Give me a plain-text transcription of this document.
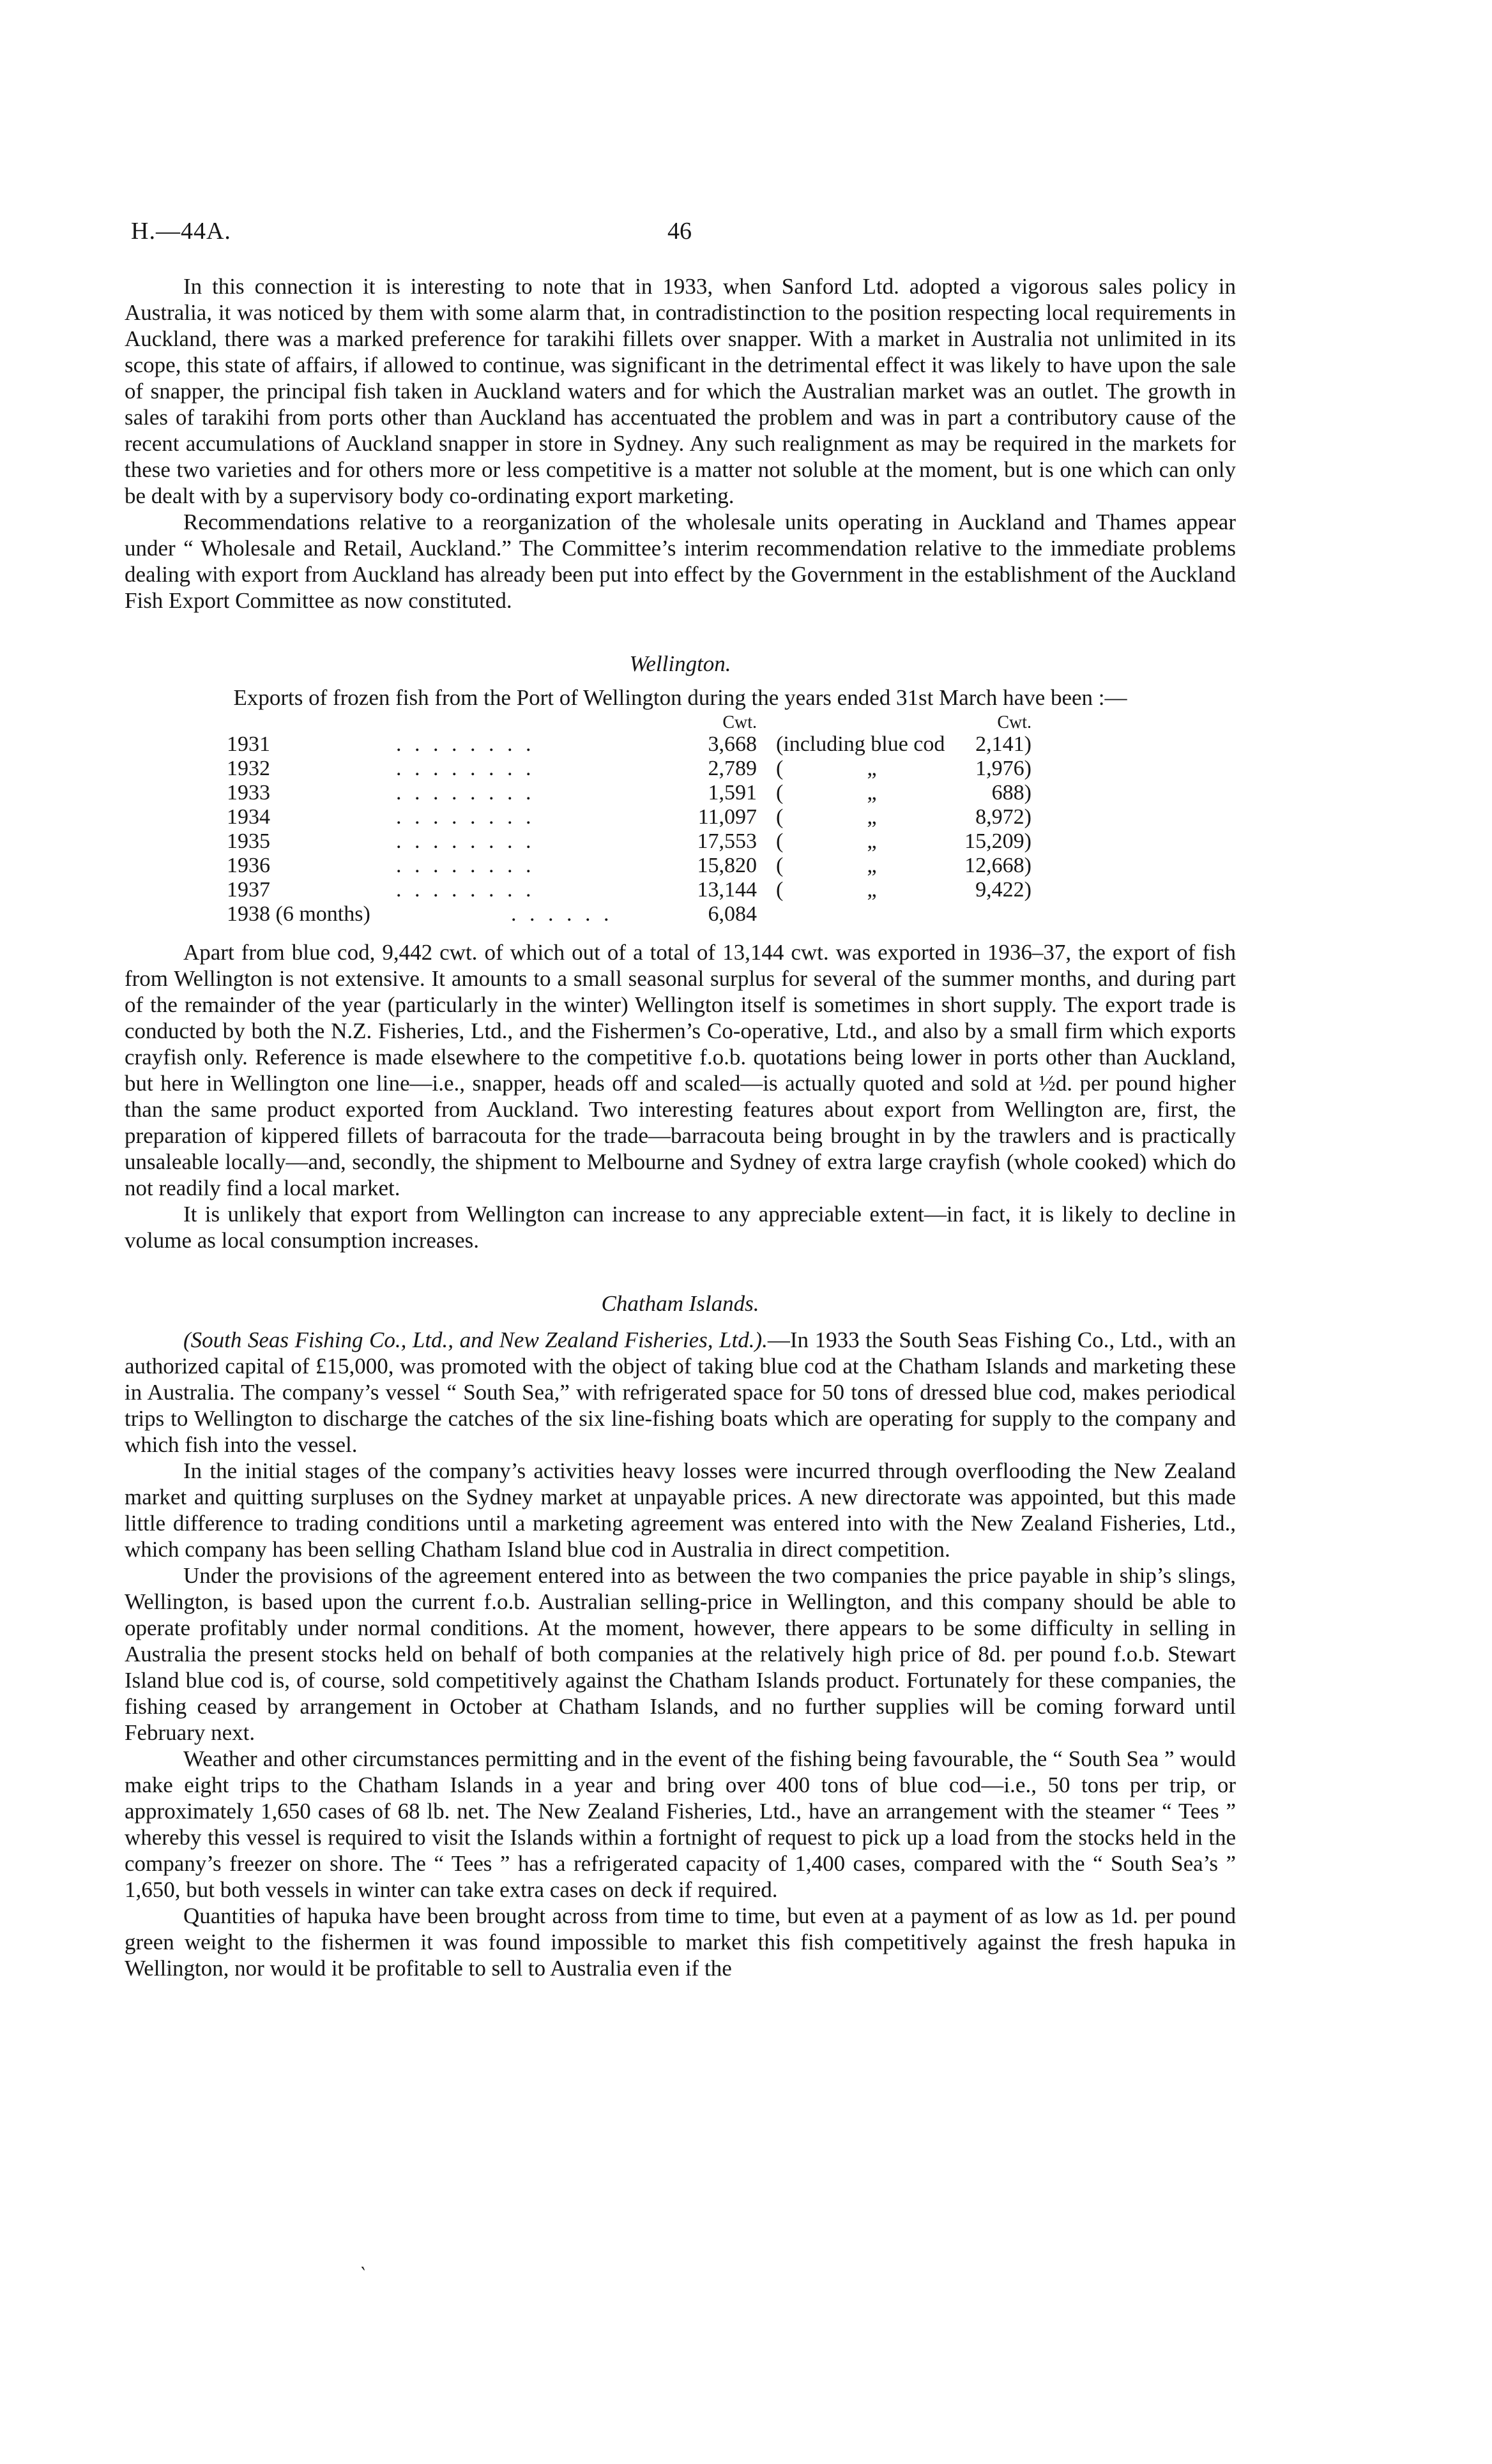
H.—44A.	46

In this connection it is interesting to note that in 1933, when Sanford Ltd. adopted a vigorous sales policy in Australia, it was noticed by them with some alarm that, in contradistinction to the position respecting local requirements in Auckland, there was a marked preference for tarakihi fillets over snapper. With a market in Australia not unlimited in its scope, this state of affairs, if allowed to continue, was significant in the detrimental effect it was likely to have upon the sale of snapper, the principal fish taken in Auckland waters and for which the Australian market was an outlet. The growth in sales of tarakihi from ports other than Auckland has accentuated the problem and was in part a contributory cause of the recent accumulations of Auckland snapper in store in Sydney. Any such realignment as may be required in the markets for these two varieties and for others more or less competitive is a matter not soluble at the moment, but is one which can only be dealt with by a supervisory body co-ordinating export marketing.

Recommendations relative to a reorganization of the wholesale units operating in Auckland and Thames appear under “ Wholesale and Retail, Auckland.” The Committee’s interim recommendation relative to the immediate problems dealing with export from Auckland has already been put into effect by the Government in the establishment of the Auckland Fish Export Committee as now constituted.

Wellington.

Exports of frozen fish from the Port of Wellington during the years ended 31st March have been :—

		Cwt.			Cwt.
1931	. . . . . . . .	3,668	(including blue cod		2,141)
1932	. . . . . . . .	2,789	(	„	1,976)
1933	. . . . . . . .	1,591	(	„	688)
1934	. . . . . . . .	11,097	(	„	8,972)
1935	. . . . . . . .	17,553	(	„	15,209)
1936	. . . . . . . .	15,820	(	„	12,668)
1937	. . . . . . . .	13,144	(	„	9,422)
1938 (6 months)	. . . . . .	6,084			

Apart from blue cod, 9,442 cwt. of which out of a total of 13,144 cwt. was exported in 1936–37, the export of fish from Wellington is not extensive. It amounts to a small seasonal surplus for several of the summer months, and during part of the remainder of the year (particularly in the winter) Wellington itself is sometimes in short supply. The export trade is conducted by both the N.Z. Fisheries, Ltd., and the Fishermen’s Co-operative, Ltd., and also by a small firm which exports crayfish only. Reference is made elsewhere to the competitive f.o.b. quotations being lower in ports other than Auckland, but here in Wellington one line—i.e., snapper, heads off and scaled—is actually quoted and sold at ½d. per pound higher than the same product exported from Auckland. Two interesting features about export from Wellington are, first, the preparation of kippered fillets of barracouta for the trade—barracouta being brought in by the trawlers and is practically unsaleable locally—and, secondly, the shipment to Melbourne and Sydney of extra large crayfish (whole cooked) which do not readily find a local market.

It is unlikely that export from Wellington can increase to any appreciable extent—in fact, it is likely to decline in volume as local consumption increases.

Chatham Islands.

(South Seas Fishing Co., Ltd., and New Zealand Fisheries, Ltd.).—In 1933 the South Seas Fishing Co., Ltd., with an authorized capital of £15,000, was promoted with the object of taking blue cod at the Chatham Islands and marketing these in Australia. The company’s vessel “ South Sea,” with refrigerated space for 50 tons of dressed blue cod, makes periodical trips to Wellington to discharge the catches of the six line-fishing boats which are operating for supply to the company and which fish into the vessel.

In the initial stages of the company’s activities heavy losses were incurred through overflooding the New Zealand market and quitting surpluses on the Sydney market at unpayable prices. A new directorate was appointed, but this made little difference to trading conditions until a marketing agreement was entered into with the New Zealand Fisheries, Ltd., which company has been selling Chatham Island blue cod in Australia in direct competition.

Under the provisions of the agreement entered into as between the two companies the price payable in ship’s slings, Wellington, is based upon the current f.o.b. Australian selling-price in Wellington, and this company should be able to operate profitably under normal conditions. At the moment, however, there appears to be some difficulty in selling in Australia the present stocks held on behalf of both companies at the relatively high price of 8d. per pound f.o.b. Stewart Island blue cod is, of course, sold competitively against the Chatham Islands product. Fortunately for these companies, the fishing ceased by arrangement in October at Chatham Islands, and no further supplies will be coming forward until February next.

Weather and other circumstances permitting and in the event of the fishing being favourable, the “ South Sea ” would make eight trips to the Chatham Islands in a year and bring over 400 tons of blue cod—i.e., 50 tons per trip, or approximately 1,650 cases of 68 lb. net. The New Zealand Fisheries, Ltd., have an arrangement with the steamer “ Tees ” whereby this vessel is required to visit the Islands within a fortnight of request to pick up a load from the stocks held in the company’s freezer on shore. The “ Tees ” has a refrigerated capacity of 1,400 cases, compared with the “ South Sea’s ” 1,650, but both vessels in winter can take extra cases on deck if required.

Quantities of hapuka have been brought across from time to time, but even at a payment of as low as 1d. per pound green weight to the fishermen it was found impossible to market this fish competitively against the fresh hapuka in Wellington, nor would it be profitable to sell to Australia even if the

‵
